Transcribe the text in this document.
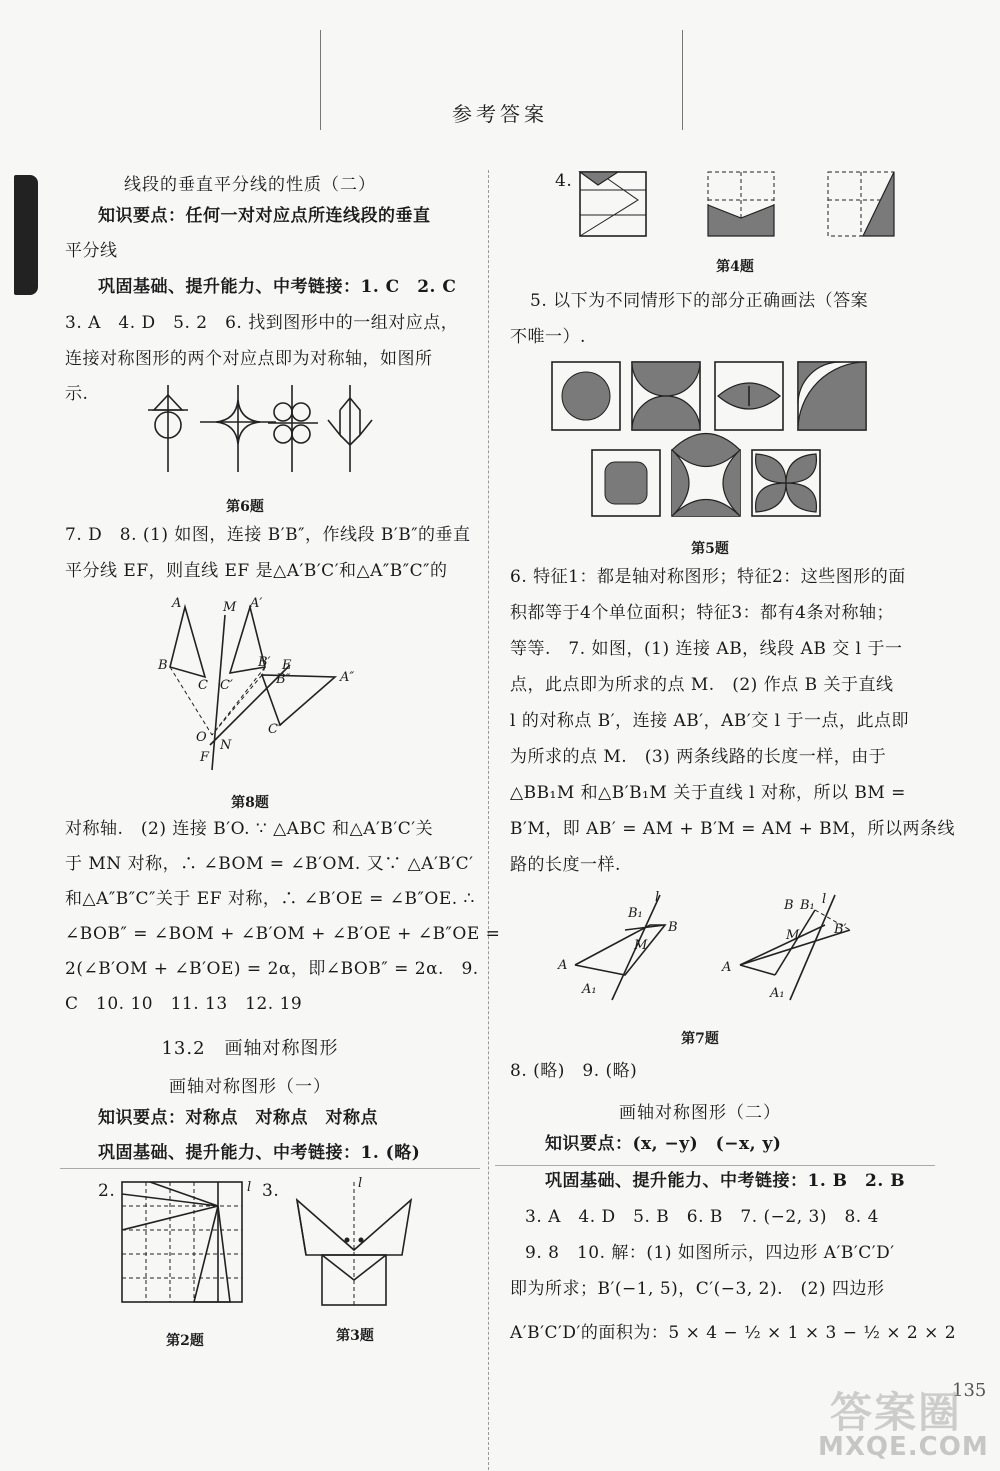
参考答案
线段的垂直平分线的性质（二）
知识要点：任何一对对应点所连线段的垂直
平分线
巩固基础、提升能力、中考链接：1. C　2. C
3. A　4. D　5. 2　6. 找到图形中的一组对应点，
连接对称图形的两个对应点即为对称轴，如图所
示.
第6题
7. D　8. (1) 如图，连接 B′B″，作线段 B′B″的垂直
平分线 EF，则直线 EF 是△A′B′C′和△A″B″C″的
A	M A′
B
C C′
B′ E
B″	A″
C″
O
N
F
第8题
对称轴.　(2) 连接 B′O. ∵ △ABC 和△A′B′C′关
于 MN 对称，∴ ∠BOM = ∠B′OM. 又∵ △A′B′C′
和△A″B″C″关于 EF 对称，∴ ∠B′OE = ∠B″OE. ∴
∠BOB″ = ∠BOM + ∠B′OM + ∠B′OE + ∠B″OE =
2(∠B′OM + ∠B′OE) = 2α，即∠BOB″ = 2α.　9.
C　10. 10　11. 13　12. 19
13.2　画轴对称图形
画轴对称图形（一）
知识要点：对称点　对称点　对称点
巩固基础、提升能力、中考链接：1. (略)
2.	l 3.	l
第2题	第3题
4.
第4题
5. 以下为不同情形下的部分正确画法（答案
不唯一）.
第5题
6. 特征1：都是轴对称图形；特征2：这些图形的面
积都等于4个单位面积；特征3：都有4条对称轴；
等等.　7. 如图，(1) 连接 AB，线段 AB 交 l 于一
点，此点即为所求的点 M.　(2) 作点 B 关于直线
l 的对称点 B′，连接 AB′，AB′交 l 于一点，此点即
为所求的点 M.　(3) 两条线路的长度一样，由于
△BB₁M 和△B′B₁M 关于直线 l 对称，所以 BM =
B′M，即 AB′ = AM + B′M = AM + BM，所以两条线
路的长度一样.
l
B₁
B
M
A
A₁
B B₁ l
B′
M
A
A₁
第7题
8. (略)　9. (略)
画轴对称图形（二）
知识要点：(x, −y)　(−x, y)
巩固基础、提升能力、中考链接：1. B　2. B
3. A　4. D　5. B　6. B　7. (−2, 3)　8. 4
9. 8　10. 解：(1) 如图所示，四边形 A′B′C′D′
即为所求；B′(−1, 5)，C′(−3, 2).　(2) 四边形
A′B′C′D′的面积为：5 × 4 − ½ × 1 × 3 − ½ × 2 × 2
135
答案圈
MXQE.COM
